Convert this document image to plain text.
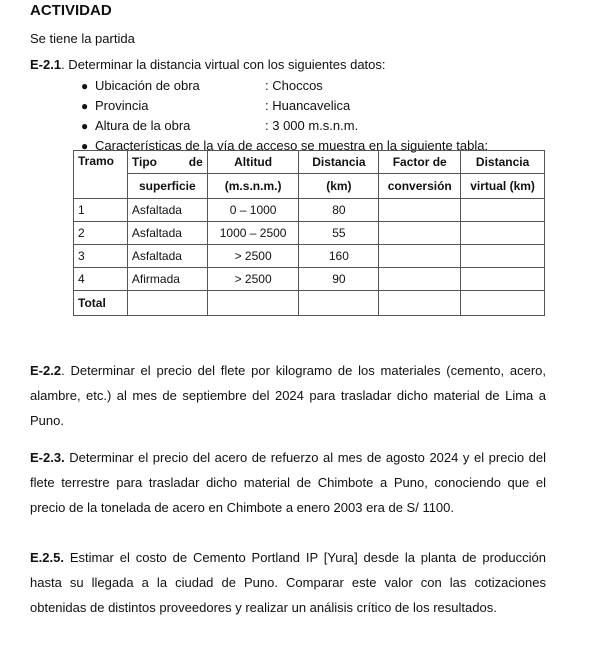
ACTIVIDAD
Se tiene la partida
E-2.1. Determinar la distancia virtual con los siguientes datos:
● Ubicación de obra	: Choccos
● Provincia	: Huancavelica
● Altura de la obra	: 3 000 m.s.n.m.
● Características de la vía de acceso se muestra en la siguiente tabla:
Tramo	Tipo de	Altitud	Distancia	Factor de	Distancia
	superficie	(m.s.n.m.)	(km)	conversión	virtual (km)
1	Asfaltada	0 – 1000	80		
2	Asfaltada	1000 – 2500	55		
3	Asfaltada	> 2500	160		
4	Afirmada	> 2500	90		
Total					

E-2.2. Determinar el precio del flete por kilogramo de los materiales (cemento, acero, alambre, etc.) al mes de septiembre del 2024 para trasladar dicho material de Lima a Puno.

E-2.3. Determinar el precio del acero de refuerzo al mes de agosto 2024 y el precio del flete terrestre para trasladar dicho material de Chimbote a Puno, conociendo que el precio de la tonelada de acero en Chimbote a enero 2003 era de S/ 1100.

E.2.5. Estimar el costo de Cemento Portland IP [Yura] desde la planta de producción hasta su llegada a la ciudad de Puno. Comparar este valor con las cotizaciones obtenidas de distintos proveedores y realizar un análisis crítico de los resultados.
